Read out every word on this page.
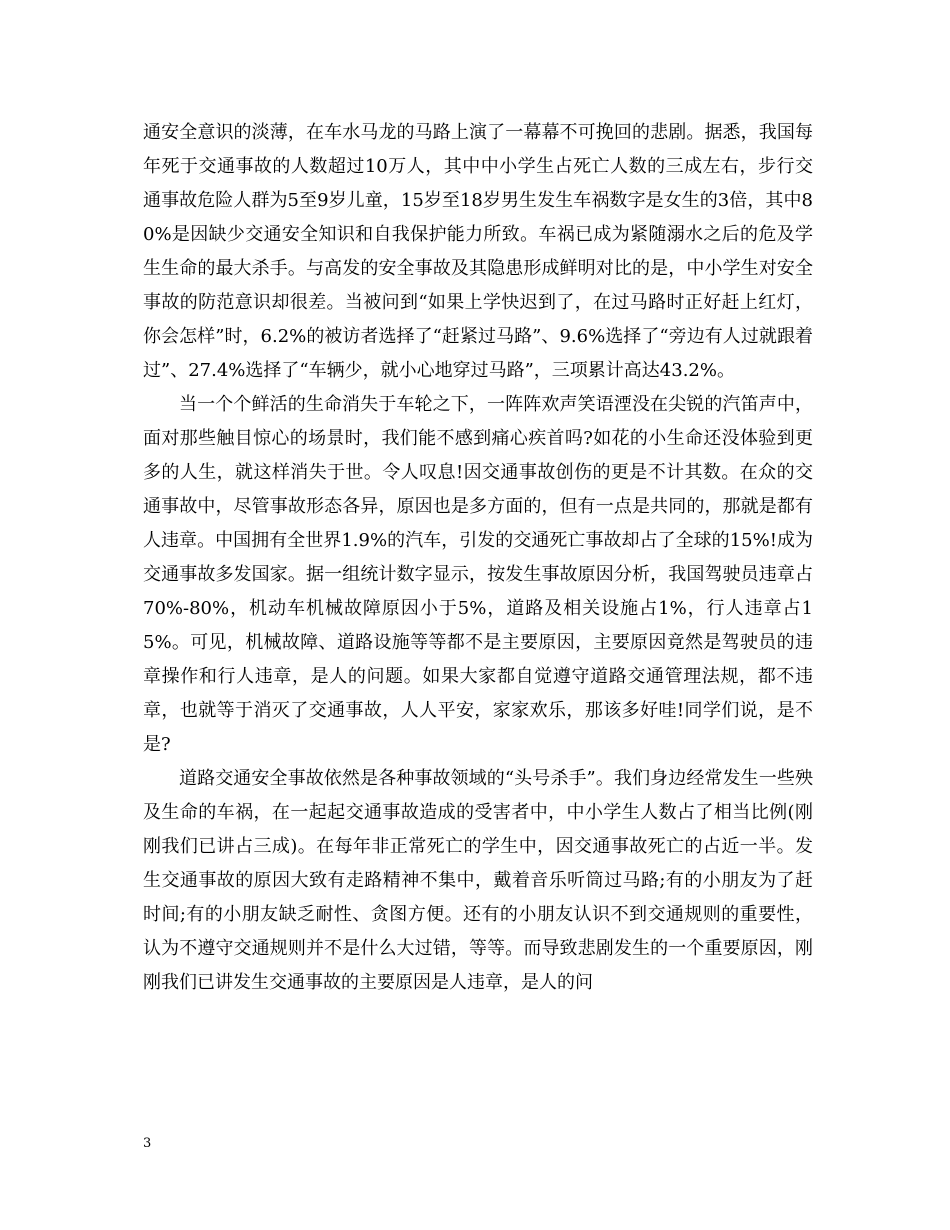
通安全意识的淡薄，在车水马龙的马路上演了一幕幕不可挽回的悲剧。据悉，我国每年死于交通事故的人数超过10万人，其中中小学生占死亡人数的三成左右，步行交通事故危险人群为5至9岁儿童，15岁至18岁男生发生车祸数字是女生的3倍，其中80%是因缺少交通安全知识和自我保护能力所致。车祸已成为紧随溺水之后的危及学生生命的最大杀手。与高发的安全事故及其隐患形成鲜明对比的是，中小学生对安全事故的防范意识却很差。当被问到“如果上学快迟到了，在过马路时正好赶上红灯，你会怎样”时，6.2%的被访者选择了“赶紧过马路”、9.6%选择了“旁边有人过就跟着过”、27.4%选择了“车辆少，就小心地穿过马路”，三项累计高达43.2%。

当一个个鲜活的生命消失于车轮之下，一阵阵欢声笑语湮没在尖锐的汽笛声中，面对那些触目惊心的场景时，我们能不感到痛心疾首吗?如花的小生命还没体验到更多的人生，就这样消失于世。令人叹息!因交通事故创伤的更是不计其数。在众的交通事故中，尽管事故形态各异，原因也是多方面的，但有一点是共同的，那就是都有人违章。中国拥有全世界1.9%的汽车，引发的交通死亡事故却占了全球的15%!成为交通事故多发国家。据一组统计数字显示，按发生事故原因分析，我国驾驶员违章占70%-80%，机动车机械故障原因小于5%，道路及相关设施占1%，行人违章占15%。可见，机械故障、道路设施等等都不是主要原因，主要原因竟然是驾驶员的违章操作和行人违章，是人的问题。如果大家都自觉遵守道路交通管理法规，都不违章，也就等于消灭了交通事故，人人平安，家家欢乐，那该多好哇!同学们说，是不是?

道路交通安全事故依然是各种事故领域的“头号杀手”。我们身边经常发生一些殃及生命的车祸，在一起起交通事故造成的受害者中，中小学生人数占了相当比例(刚刚我们已讲占三成)。在每年非正常死亡的学生中，因交通事故死亡的占近一半。发生交通事故的原因大致有走路精神不集中，戴着音乐听筒过马路;有的小朋友为了赶时间;有的小朋友缺乏耐性、贪图方便。还有的小朋友认识不到交通规则的重要性，认为不遵守交通规则并不是什么大过错，等等。而导致悲剧发生的一个重要原因，刚刚我们已讲发生交通事故的主要原因是人违章，是人的问

3
